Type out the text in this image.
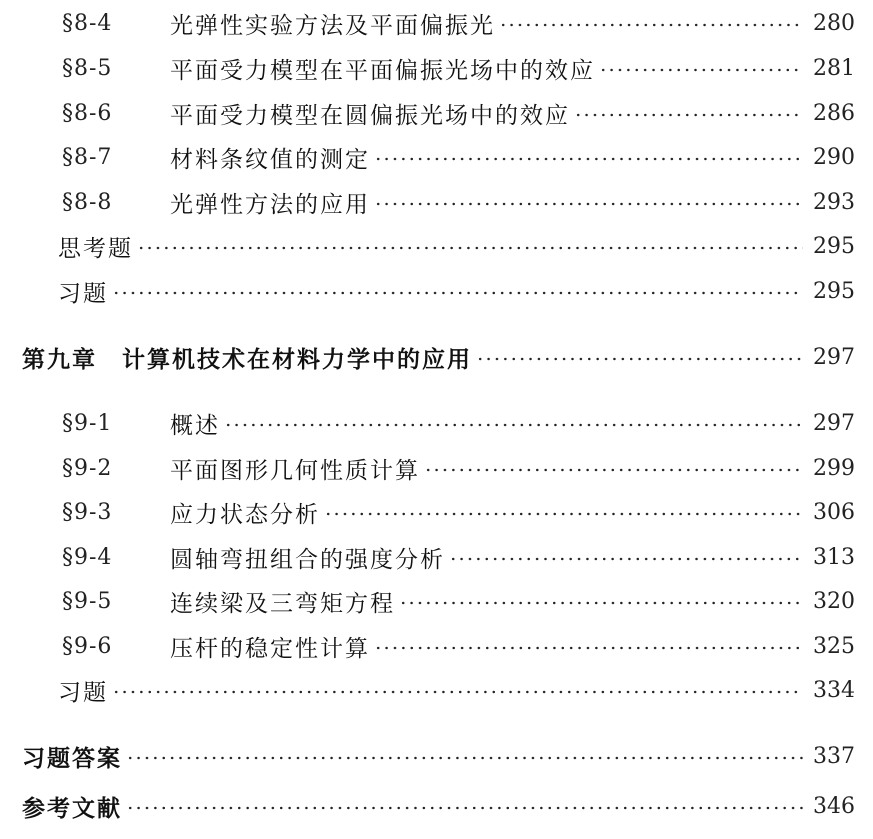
§8-4	光弹性实验方法及平面偏振光	280
§8-5	平面受力模型在平面偏振光场中的效应	281
§8-6	平面受力模型在圆偏振光场中的效应	286
§8-7	材料条纹值的测定	290
§8-8	光弹性方法的应用	293
思考题	295
习题	295
第九章　计算机技术在材料力学中的应用	297
§9-1	概述	297
§9-2	平面图形几何性质计算	299
§9-3	应力状态分析	306
§9-4	圆轴弯扭组合的强度分析	313
§9-5	连续梁及三弯矩方程	320
§9-6	压杆的稳定性计算	325
习题	334
习题答案	337
参考文献	346
